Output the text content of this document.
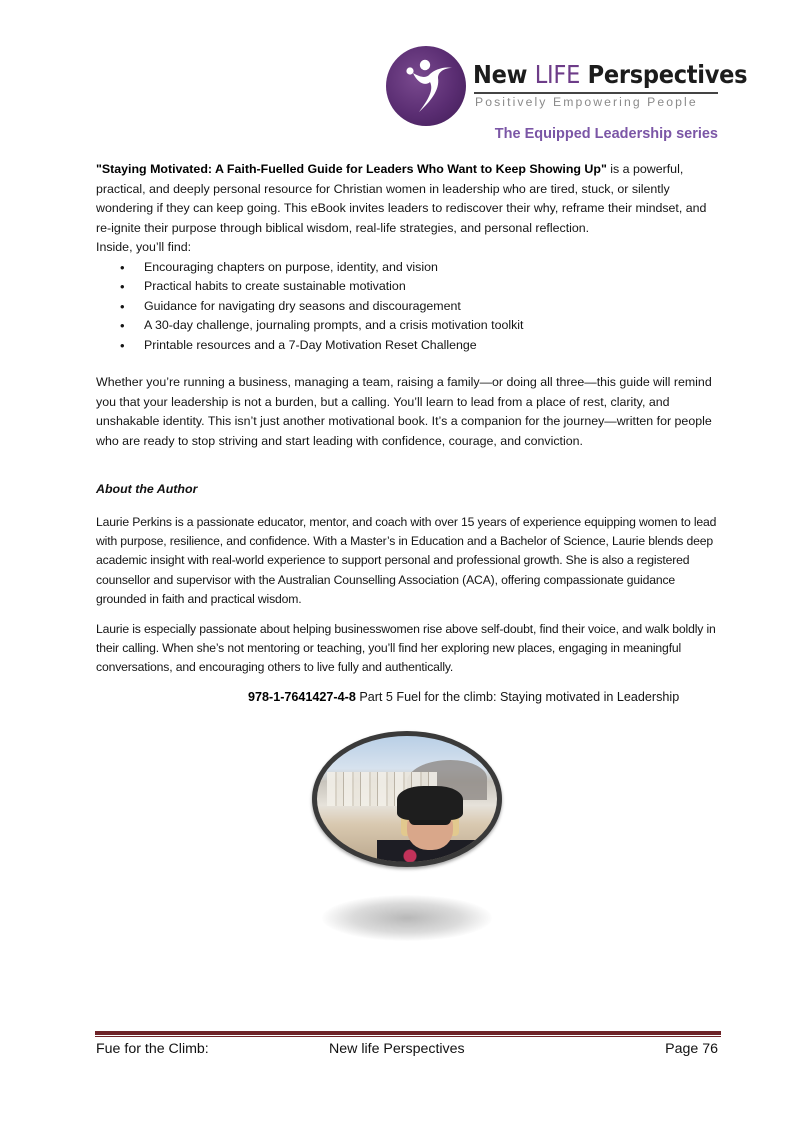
New LIFE Perspectives
Positively Empowering People
The Equipped Leadership series
"Staying Motivated: A Faith-Fuelled Guide for Leaders Who Want to Keep Showing Up" is a powerful, practical, and deeply personal resource for Christian women in leadership who are tired, stuck, or silently wondering if they can keep going. This eBook invites leaders to rediscover their why, reframe their mindset, and re-ignite their purpose through biblical wisdom, real-life strategies, and personal reflection.
Inside, you’ll find:
• Encouraging chapters on purpose, identity, and vision
• Practical habits to create sustainable motivation
• Guidance for navigating dry seasons and discouragement
• A 30-day challenge, journaling prompts, and a crisis motivation toolkit
• Printable resources and a 7-Day Motivation Reset Challenge
Whether you’re running a business, managing a team, raising a family—or doing all three—this guide will remind you that your leadership is not a burden, but a calling. You’ll learn to lead from a place of rest, clarity, and unshakable identity. This isn’t just another motivational book. It’s a companion for the journey—written for people who are ready to stop striving and start leading with confidence, courage, and conviction.
About the Author
Laurie Perkins is a passionate educator, mentor, and coach with over 15 years of experience equipping women to lead with purpose, resilience, and confidence. With a Master’s in Education and a Bachelor of Science, Laurie blends deep academic insight with real-world experience to support personal and professional growth. She is also a registered counsellor and supervisor with the Australian Counselling Association (ACA), offering compassionate guidance grounded in faith and practical wisdom.
Laurie is especially passionate about helping businesswomen rise above self-doubt, find their voice, and walk boldly in their calling. When she’s not mentoring or teaching, you’ll find her exploring new places, engaging in meaningful conversations, and encouraging others to live fully and authentically.
978-1-7641427-4-8 Part 5 Fuel for the climb: Staying motivated in Leadership
Fue for the Climb:	New life Perspectives	Page 76
